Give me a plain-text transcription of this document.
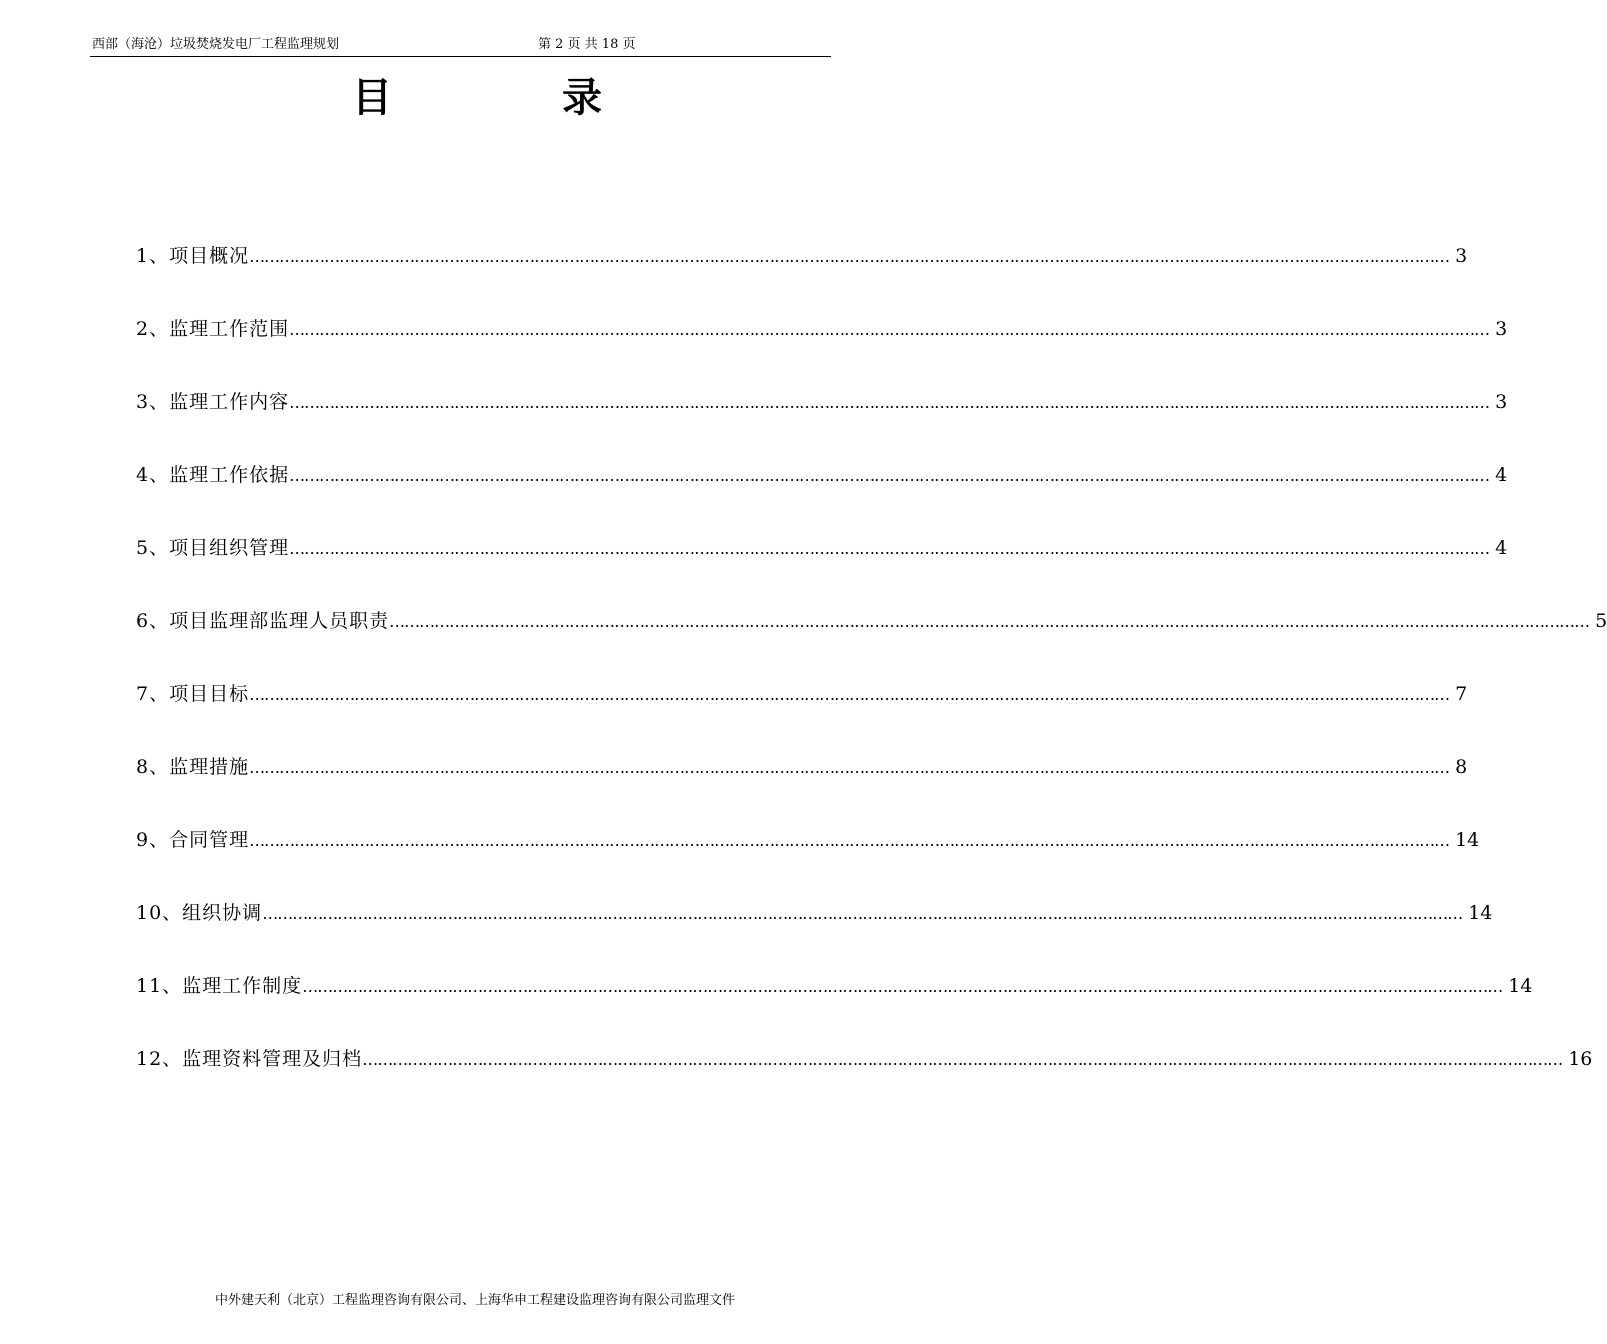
西部（海沧）垃圾焚烧发电厂工程监理规划	第 2 页 共 18 页
目	录
1、项目概况 …………………………………………………………………………………………………………………………………………………………………………………………………………………… 3
2、监理工作范围 …………………………………………………………………………………………………………………………………………………………………………………………………………………… 3
3、监理工作内容 …………………………………………………………………………………………………………………………………………………………………………………………………………………… 3
4、监理工作依据 …………………………………………………………………………………………………………………………………………………………………………………………………………………… 4
5、项目组织管理 …………………………………………………………………………………………………………………………………………………………………………………………………………………… 4
6、项目监理部监理人员职责 …………………………………………………………………………………………………………………………………………………………………………………………………………………… 5
7、项目目标 …………………………………………………………………………………………………………………………………………………………………………………………………………………… 7
8、监理措施 …………………………………………………………………………………………………………………………………………………………………………………………………………………… 8
9、合同管理 …………………………………………………………………………………………………………………………………………………………………………………………………………………… 14
10、组织协调 …………………………………………………………………………………………………………………………………………………………………………………………………………………… 14
11、监理工作制度 …………………………………………………………………………………………………………………………………………………………………………………………………………………… 14
12、监理资料管理及归档 …………………………………………………………………………………………………………………………………………………………………………………………………………………… 16
中外建天利（北京）工程监理咨询有限公司、上海华申工程建设监理咨询有限公司监理文件
